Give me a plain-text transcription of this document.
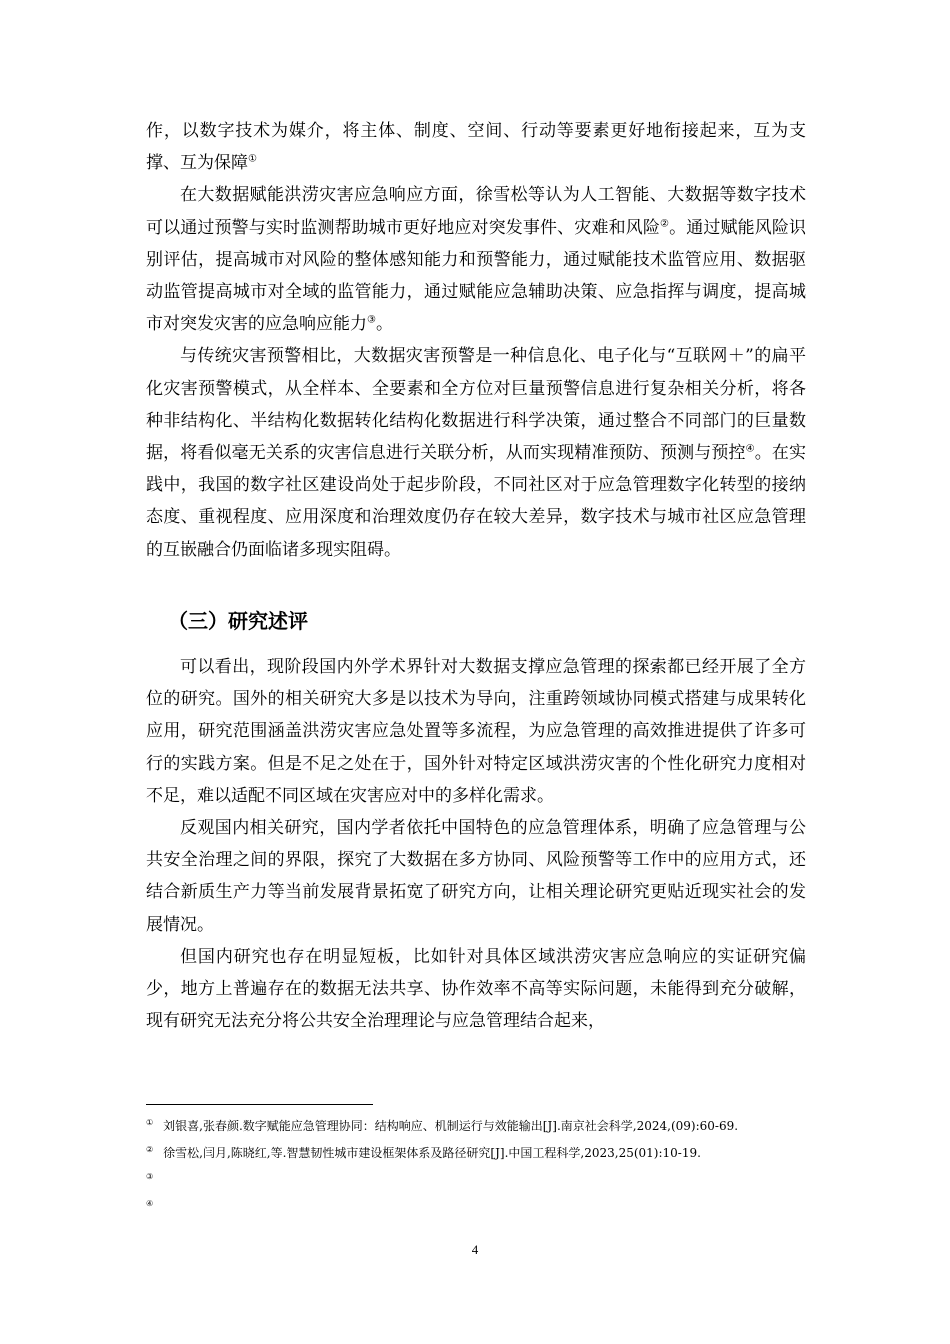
作，以数字技术为媒介，将主体、制度、空间、行动等要素更好地衔接起来，互为支撑、互为保障①

在大数据赋能洪涝灾害应急响应方面，徐雪松等认为人工智能、大数据等数字技术可以通过预警与实时监测帮助城市更好地应对突发事件、灾难和风险②。通过赋能风险识别评估，提高城市对风险的整体感知能力和预警能力，通过赋能技术监管应用、数据驱动监管提高城市对全域的监管能力，通过赋能应急辅助决策、应急指挥与调度，提高城市对突发灾害的应急响应能力③。

与传统灾害预警相比，大数据灾害预警是一种信息化、电子化与“互联网＋”的扁平化灾害预警模式，从全样本、全要素和全方位对巨量预警信息进行复杂相关分析，将各种非结构化、半结构化数据转化结构化数据进行科学决策，通过整合不同部门的巨量数据，将看似毫无关系的灾害信息进行关联分析，从而实现精准预防、预测与预控④。在实践中，我国的数字社区建设尚处于起步阶段，不同社区对于应急管理数字化转型的接纳态度、重视程度、应用深度和治理效度仍存在较大差异，数字技术与城市社区应急管理的互嵌融合仍面临诸多现实阻碍。

（三）研究述评

可以看出，现阶段国内外学术界针对大数据支撑应急管理的探索都已经开展了全方位的研究。国外的相关研究大多是以技术为导向，注重跨领域协同模式搭建与成果转化应用，研究范围涵盖洪涝灾害应急处置等多流程，为应急管理的高效推进提供了许多可行的实践方案。但是不足之处在于，国外针对特定区域洪涝灾害的个性化研究力度相对不足，难以适配不同区域在灾害应对中的多样化需求。

反观国内相关研究，国内学者依托中国特色的应急管理体系，明确了应急管理与公共安全治理之间的界限，探究了大数据在多方协同、风险预警等工作中的应用方式，还结合新质生产力等当前发展背景拓宽了研究方向，让相关理论研究更贴近现实社会的发展情况。

但国内研究也存在明显短板，比如针对具体区域洪涝灾害应急响应的实证研究偏少，地方上普遍存在的数据无法共享、协作效率不高等实际问题，未能得到充分破解，现有研究无法充分将公共安全治理理论与应急管理结合起来，

① 刘银喜,张春颜.数字赋能应急管理协同：结构响应、机制运行与效能输出[J].南京社会科学,2024,(09):60-69.

② 徐雪松,闫月,陈晓红,等.智慧韧性城市建设框架体系及路径研究[J].中国工程科学,2023,25(01):10-19.

③

④

4
